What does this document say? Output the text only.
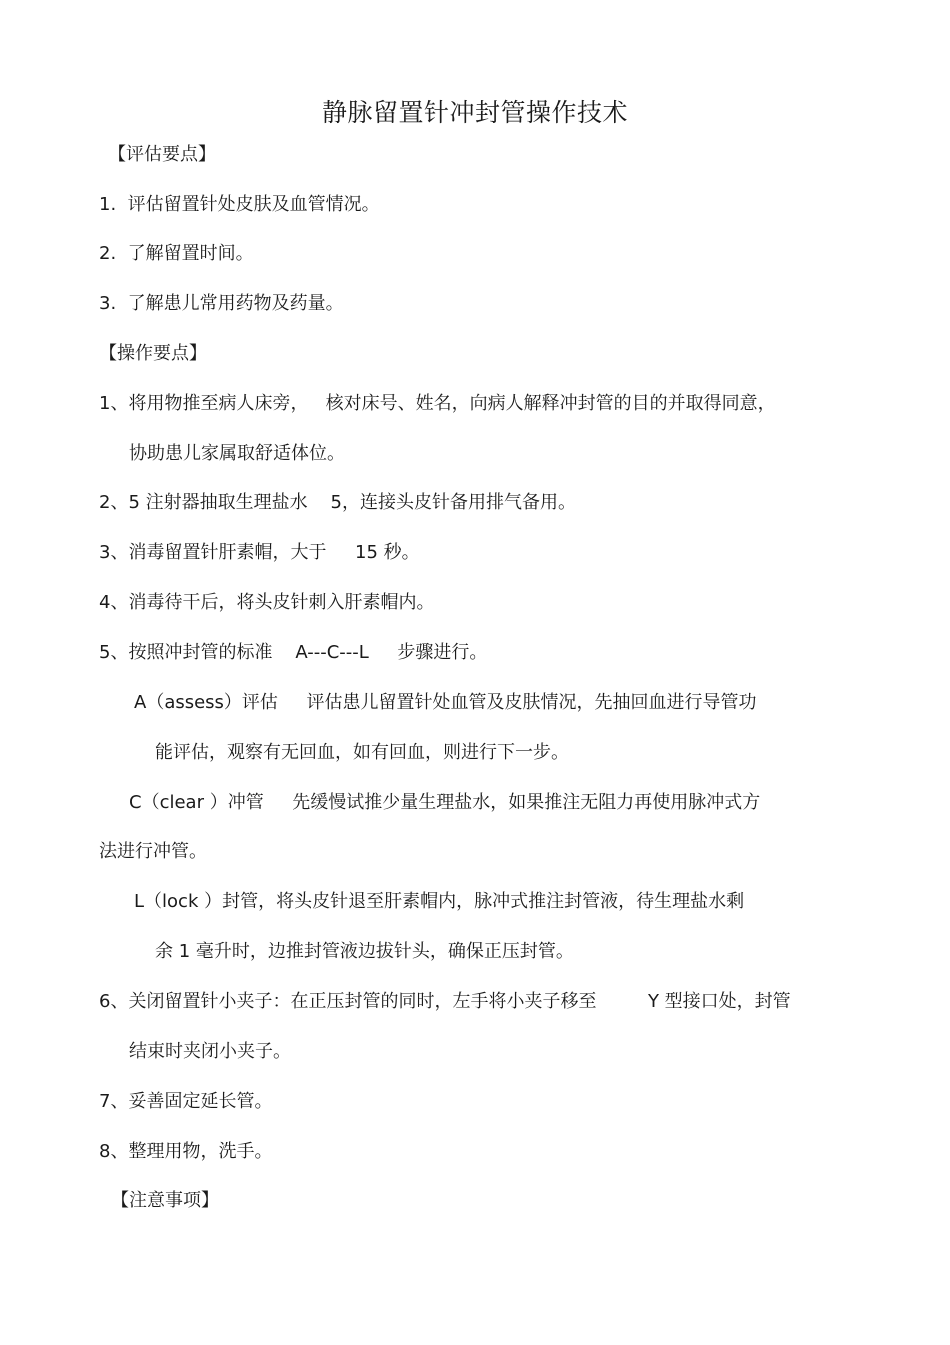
静脉留置针冲封管操作技术
【评估要点】
1.  评估留置针处皮肤及血管情况。
2.  了解留置时间。
3.  了解患儿常用药物及药量。
【操作要点】
1、将用物推至病人床旁，   核对床号、姓名，向病人解释冲封管的目的并取得同意，
协助患儿家属取舒适体位。
2、5 注射器抽取生理盐水    5，连接头皮针备用排气备用。
3、消毒留置针肝素帽，大于     15 秒。
4、消毒待干后，将头皮针刺入肝素帽内。
5、按照冲封管的标准    A---C---L     步骤进行。
A（assess）评估     评估患儿留置针处血管及皮肤情况，先抽回血进行导管功
能评估，观察有无回血，如有回血，则进行下一步。
C（clear ）冲管     先缓慢试推少量生理盐水，如果推注无阻力再使用脉冲式方
法进行冲管。
L（lock ）封管，将头皮针退至肝素帽内，脉冲式推注封管液，待生理盐水剩
余 1 毫升时，边推封管液边拔针头，确保正压封管。
6、关闭留置针小夹子：在正压封管的同时，左手将小夹子移至         Y 型接口处，封管
结束时夹闭小夹子。
7、妥善固定延长管。
8、整理用物，洗手。
【注意事项】
